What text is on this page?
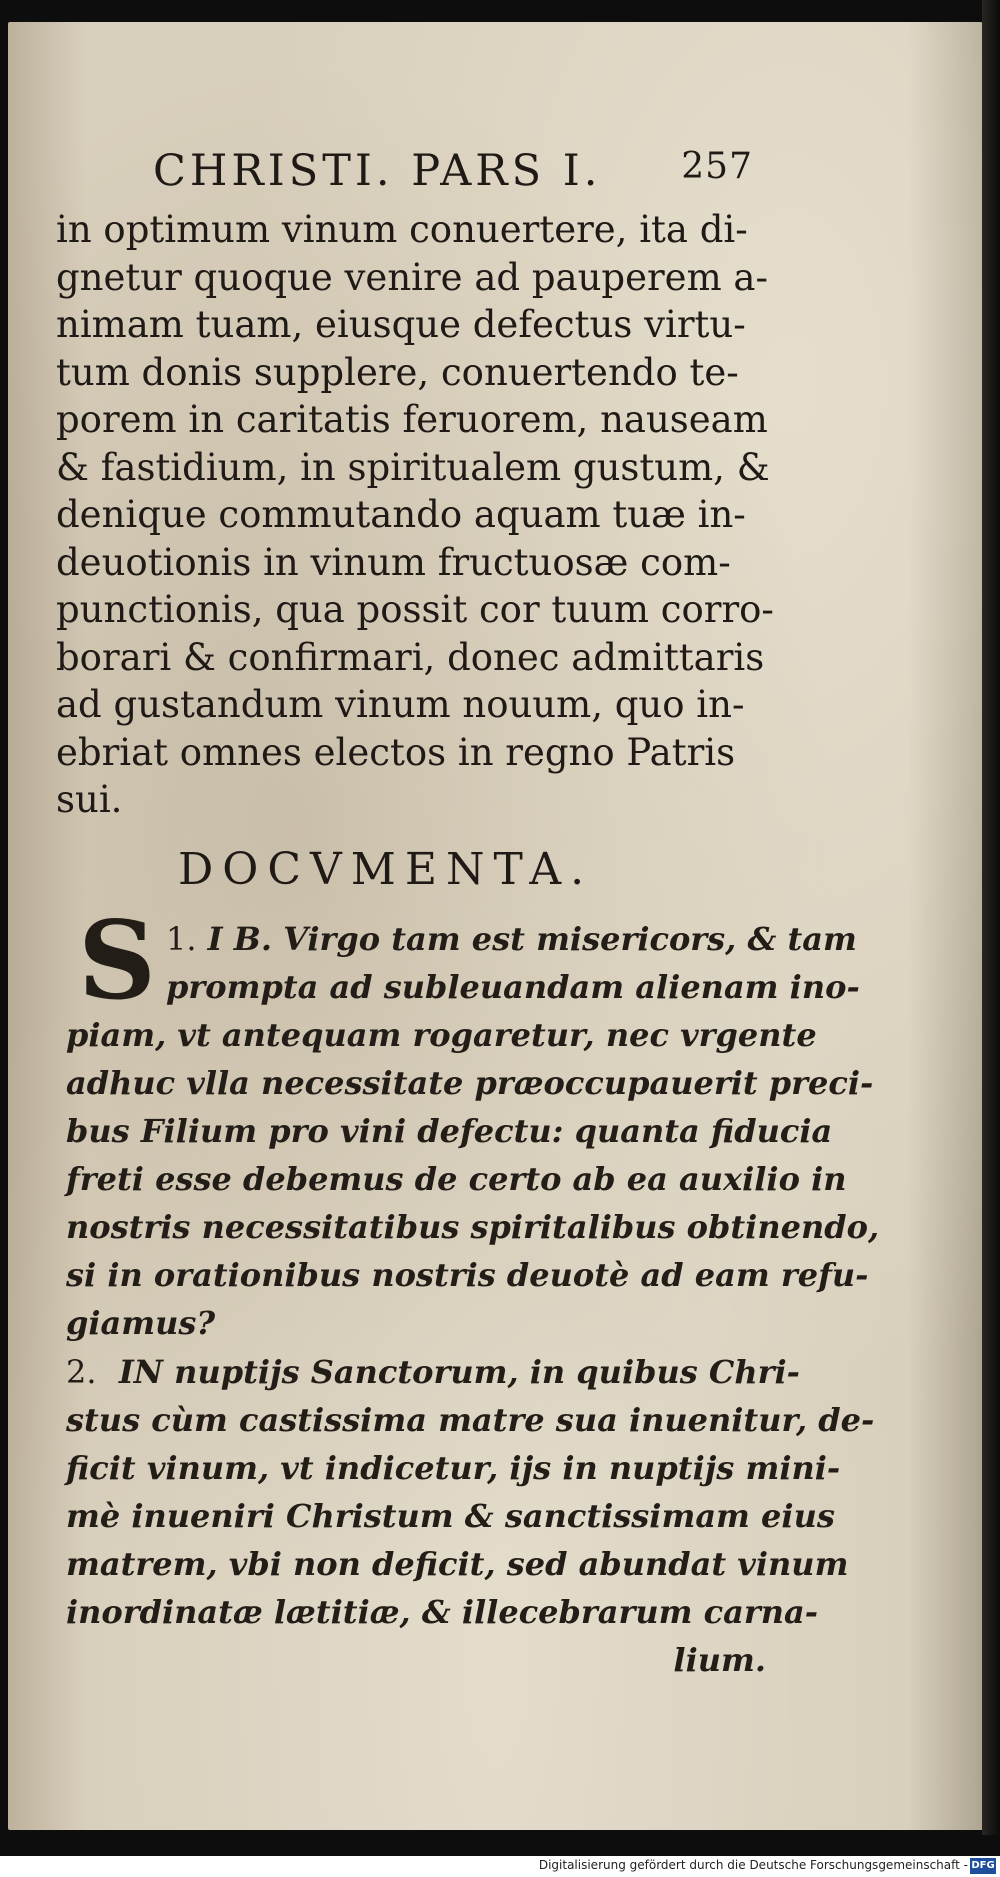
CHRISTI. PARS I. 257
in optimum vinum conuertere, ita di-
gnetur quoque venire ad pauperem a-
nimam tuam, eiusque defectus virtu-
tum donis supplere, conuertendo te-
porem in caritatis feruorem, nauseam
& fastidium, in spiritualem gustum, &
denique commutando aquam tuæ in-
deuotionis in vinum fructuosæ com-
punctionis, qua possit cor tuum corro-
borari & confirmari, donec admittaris
ad gustandum vinum nouum, quo in-
ebriat omnes electos in regno Patris
sui.
DOCVMENTA.
S 1. I B. Virgo tam est misericors, & tam
prompta ad subleuandam alienam ino-
piam, vt antequam rogaretur, nec vrgente
adhuc vlla necessitate præoccupauerit preci-
bus Filium pro vini defectu: quanta fiducia
freti esse debemus de certo ab ea auxilio in
nostris necessitatibus spiritalibus obtinendo,
si in orationibus nostris deuotè ad eam refu-
giamus?
2. IN nuptijs Sanctorum, in quibus Chri-
stus cùm castissima matre sua inuenitur, de-
ficit vinum, vt indicetur, ijs in nuptijs mini-
mè inueniri Christum & sanctissimam eius
matrem, vbi non deficit, sed abundat vinum
inordinatæ lætitiæ, & illecebrarum carna-
lium.
Digitalisierung gefördert durch die Deutsche Forschungsgemeinschaft - DFG
